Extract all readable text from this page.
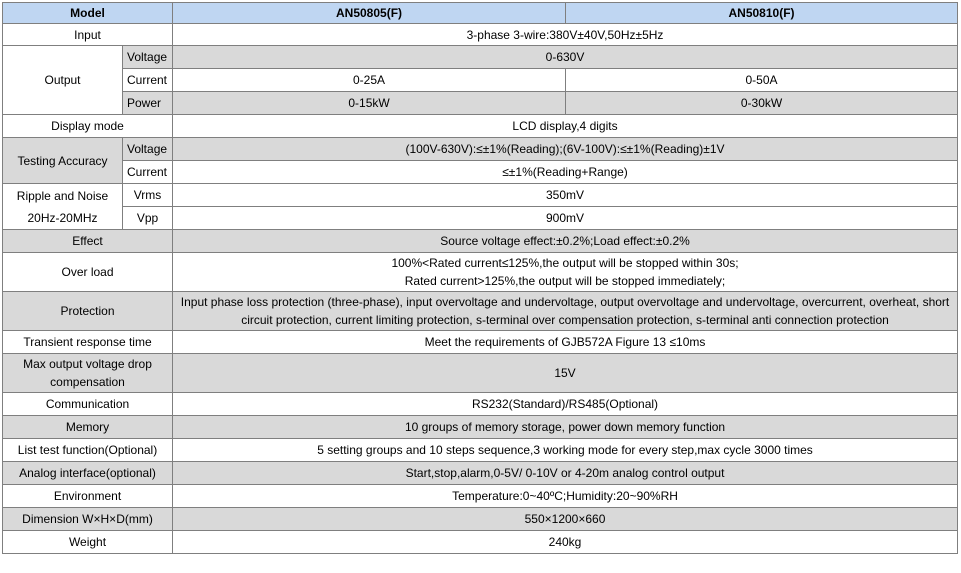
Model		AN50805(F)	AN50810(F)
Input		3-phase 3-wire:380V±40V,50Hz±5Hz	
Output	Voltage	0-630V	
	Current	0-25A	0-50A
	Power	0-15kW	0-30kW
Display mode		LCD display,4 digits	
Testing Accuracy	Voltage	(100V-630V):≤±1%(Reading);(6V-100V):≤±1%(Reading)±1V	
	Current	≤±1%(Reading+Range)	

Ripple and Noise
20Hz-20MHz	Vrms	350mV	
	Vpp	900mV	
Effect		Source voltage effect:±0.2%;Load effect:±0.2%	
Over load		100%<Rated current≤125%,the output will be stopped within 30s;
Rated current>125%,the output will be stopped immediately;	

Protection		Input phase loss protection (three-phase), input overvoltage and undervoltage, output overvoltage and undervoltage, overcurrent, overheat, short
circuit protection, current limiting protection, s-terminal over compensation protection, s-terminal anti connection protection	

Transient response time		Meet the requirements of GJB572A Figure 13 ≤10ms	

Max output voltage drop
compensation		15V	
Communication		RS232(Standard)/RS485(Optional)	
Memory		10 groups of memory storage, power down memory function	
List test function(Optional)		5 setting groups and 10 steps sequence,3 working mode for every step,max cycle 3000 times	
Analog interface(optional)		Start,stop,alarm,0-5V/ 0-10V or 4-20m analog control output	
Environment		Temperature:0~40ºC;Humidity:20~90%RH	
Dimension W×H×D(mm)		550×1200×660	
Weight		240kg	
